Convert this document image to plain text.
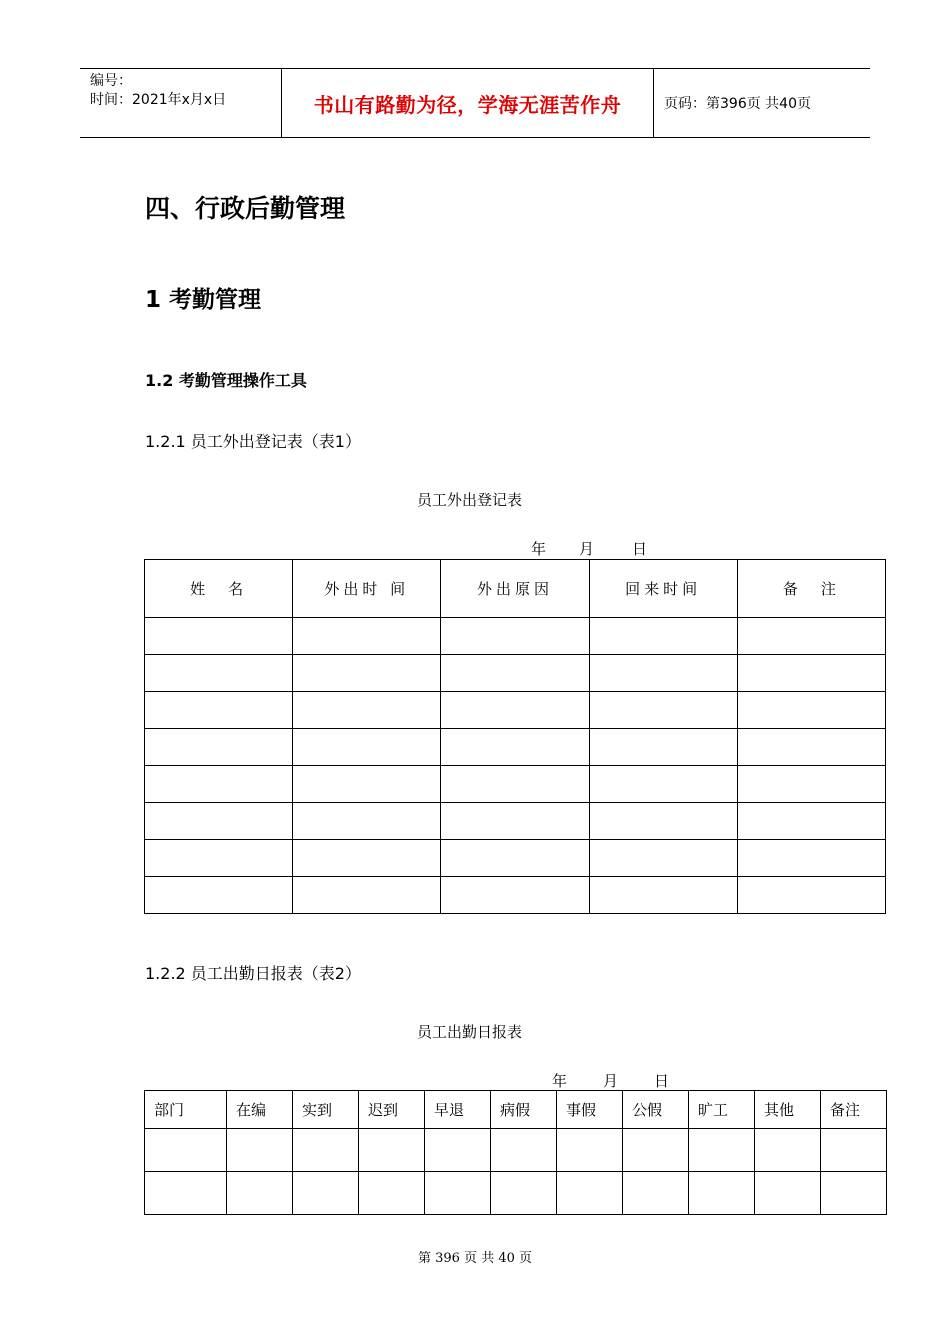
编号：
时间：2021年x月x日	书山有路勤为径，学海无涯苦作舟	页码：第396页 共40页
四、行政后勤管理
1 考勤管理
1.2 考勤管理操作工具
1.2.1 员工外出登记表（表1）
员工外出登记表
年 月	日
姓　名	外出时 间	外出原因	回来时间	备　注

1.2.2 员工出勤日报表（表2）
员工出勤日报表
年 月 日
部门	在编	实到	迟到	早退	病假	事假	公假	旷工	其他	备注

第 396 页 共 40 页
